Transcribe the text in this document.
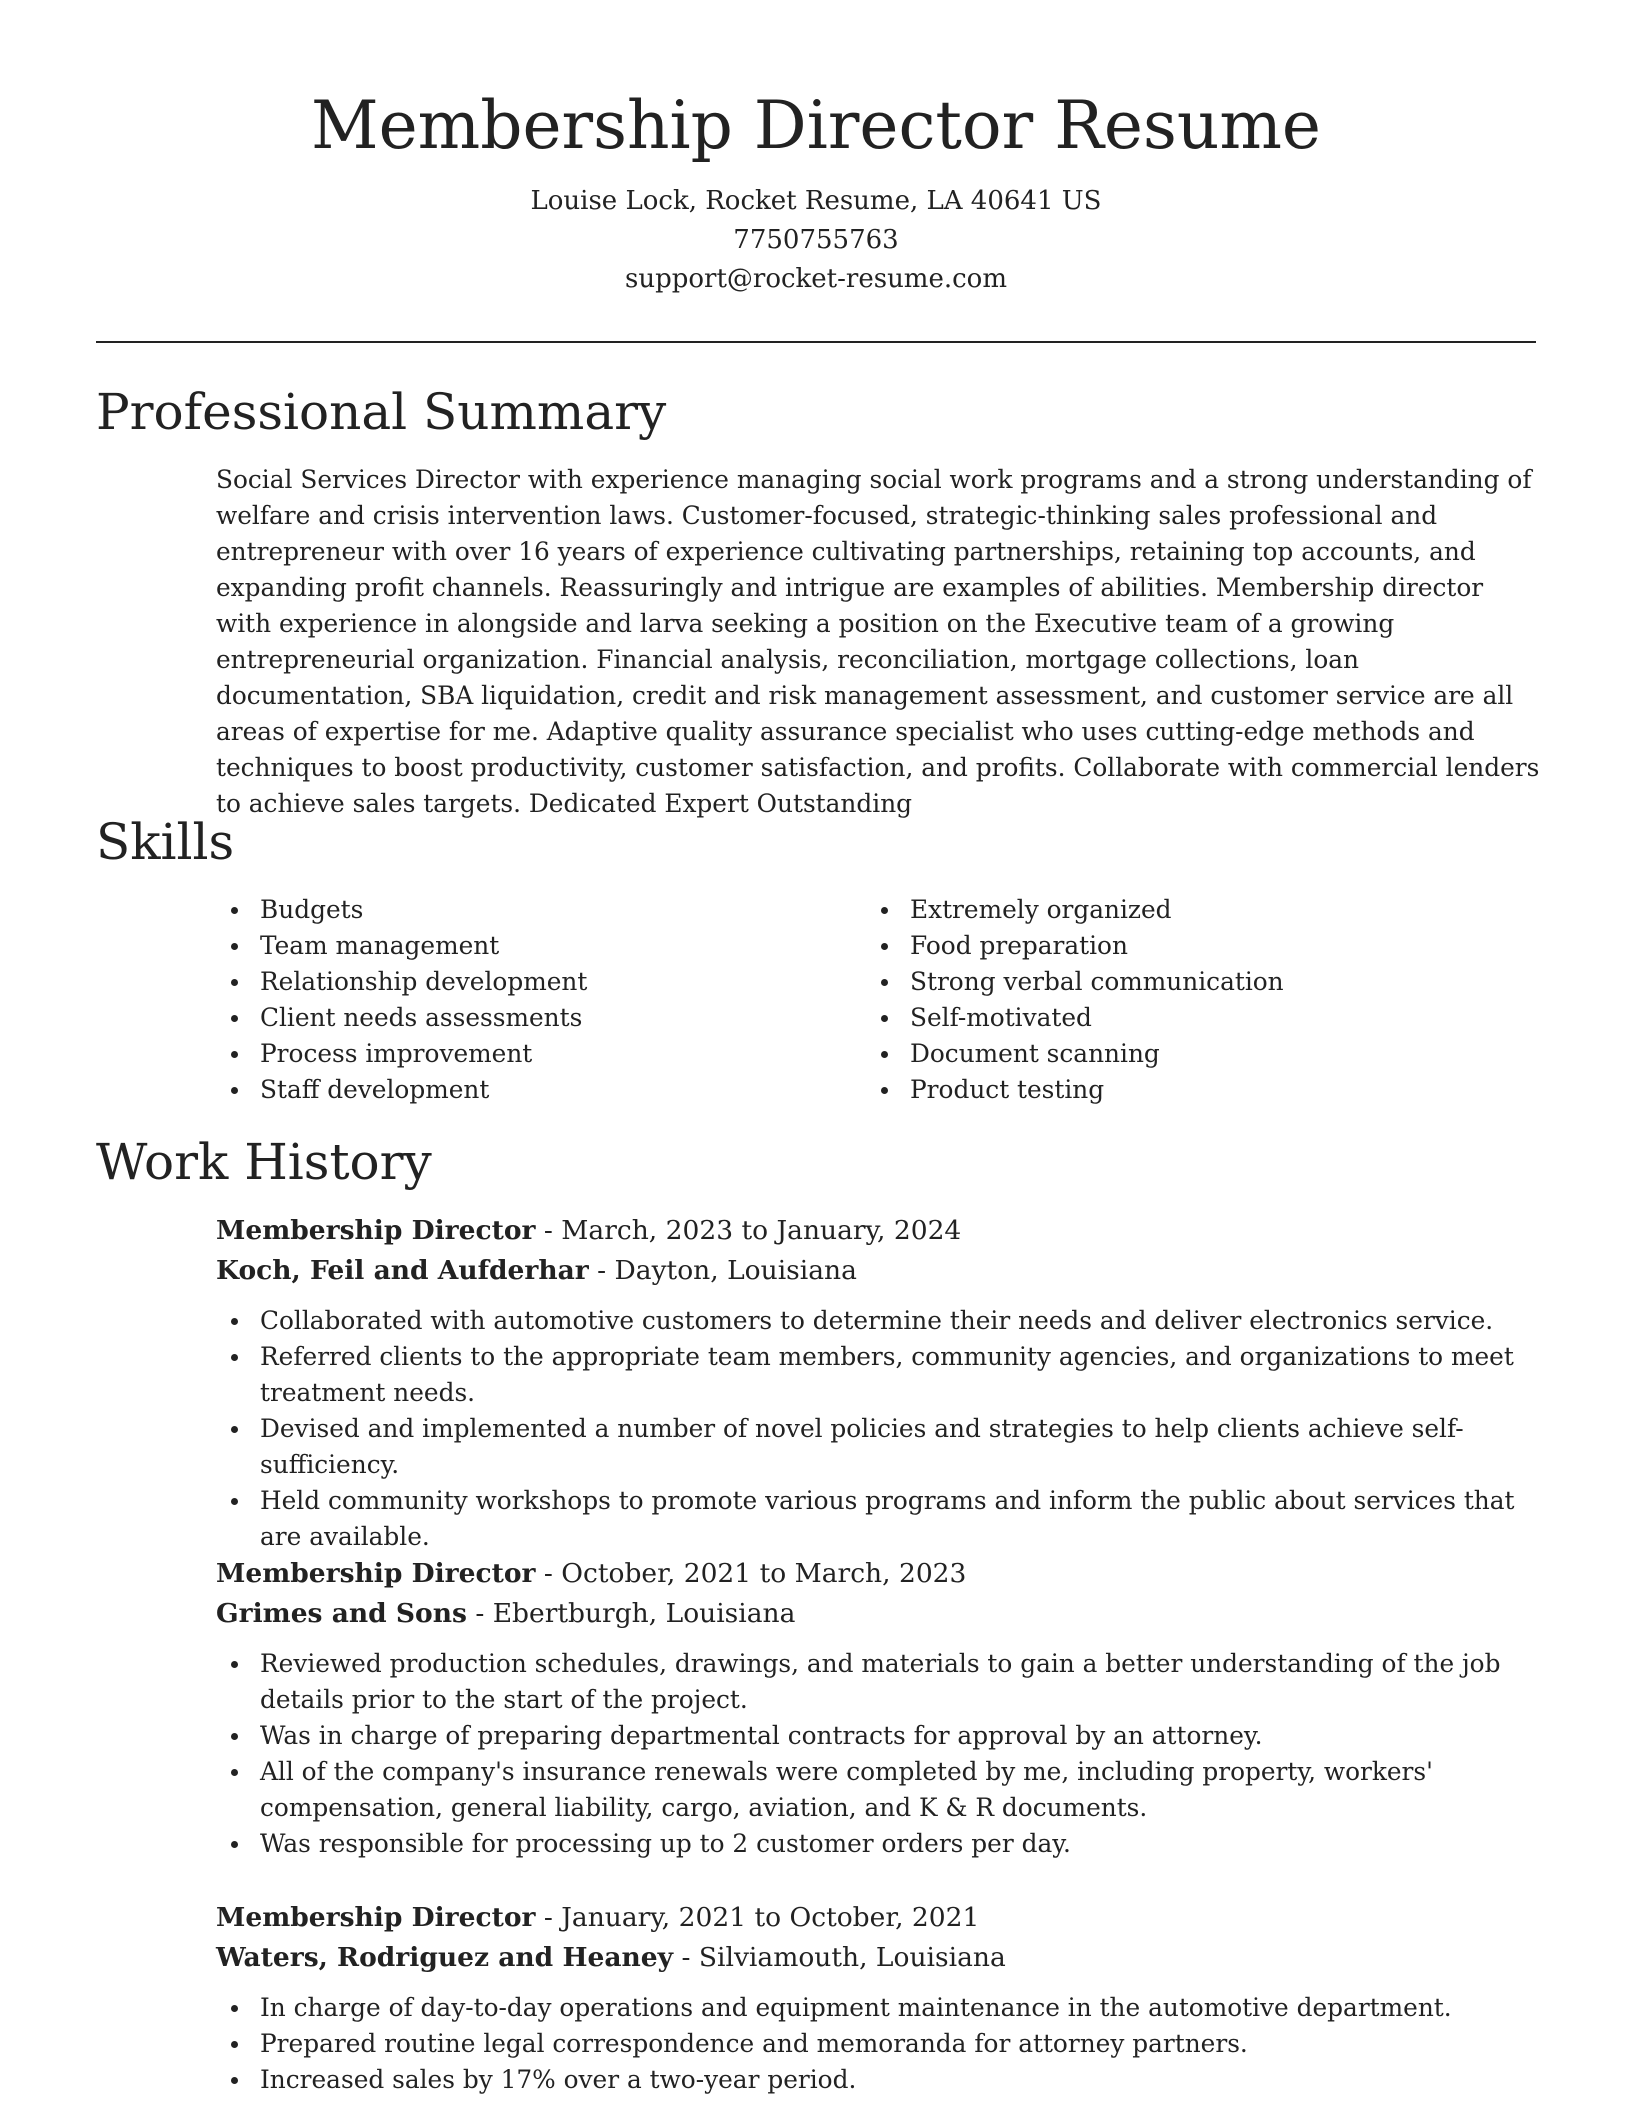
Membership Director Resume
Louise Lock, Rocket Resume, LA 40641 US
7750755763
support@rocket-resume.com
Professional Summary

Social Services Director with experience managing social work programs and a strong understanding of welfare and crisis intervention laws. Customer-focused, strategic-thinking sales professional and entrepreneur with over 16 years of experience cultivating partnerships, retaining top accounts, and expanding profit channels. Reassuringly and intrigue are examples of abilities. Membership director with experience in alongside and larva seeking a position on the Executive team of a growing entrepreneurial organization. Financial analysis, reconciliation, mortgage collections, loan documentation, SBA liquidation, credit and risk management assessment, and customer service are all areas of expertise for me. Adaptive quality assurance specialist who uses cutting-edge methods and techniques to boost productivity, customer satisfaction, and profits. Collaborate with commercial lenders to achieve sales targets. Dedicated Expert Outstanding

Skills
Budgets
Team management
Relationship development
Client needs assessments
Process improvement
Staff development
Extremely organized
Food preparation
Strong verbal communication
Self-motivated
Document scanning
Product testing
Work History
Membership Director - March, 2023 to January, 2024
Koch, Feil and Aufderhar - Dayton, Louisiana
Collaborated with automotive customers to determine their needs and deliver electronics service.
Referred clients to the appropriate team members, community agencies, and organizations to meet treatment needs.
Devised and implemented a number of novel policies and strategies to help clients achieve self-sufficiency.
Held community workshops to promote various programs and inform the public about services that are available.
Membership Director - October, 2021 to March, 2023
Grimes and Sons - Ebertburgh, Louisiana
Reviewed production schedules, drawings, and materials to gain a better understanding of the job details prior to the start of the project.
Was in charge of preparing departmental contracts for approval by an attorney.
All of the company's insurance renewals were completed by me, including property, workers' compensation, general liability, cargo, aviation, and K & R documents.
Was responsible for processing up to 2 customer orders per day.
Membership Director - January, 2021 to October, 2021
Waters, Rodriguez and Heaney - Silviamouth, Louisiana
In charge of day-to-day operations and equipment maintenance in the automotive department.
Prepared routine legal correspondence and memoranda for attorney partners.
Increased sales by 17% over a two-year period.
